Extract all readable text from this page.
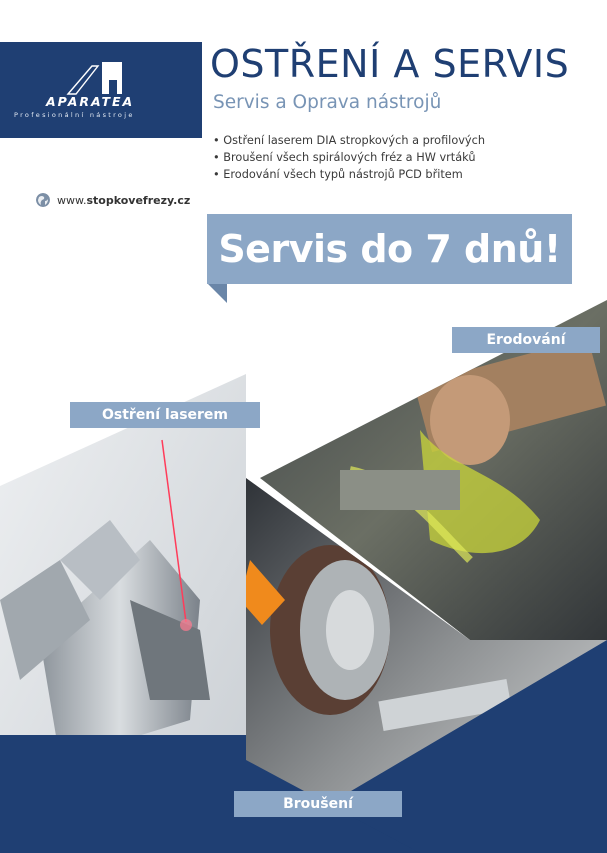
APARATEA
Profesionální nástroje
OSTŘENÍ A SERVIS
Servis a Oprava nástrojů
• Ostření laserem DIA stropkových a profilových
• Broušení všech spirálových fréz a HW vrtáků
• Erodování všech typů nástrojů PCD břitem
www.stopkovefrezy.cz
Servis do 7 dnů!
Ostření laserem
Erodování
Broušení
